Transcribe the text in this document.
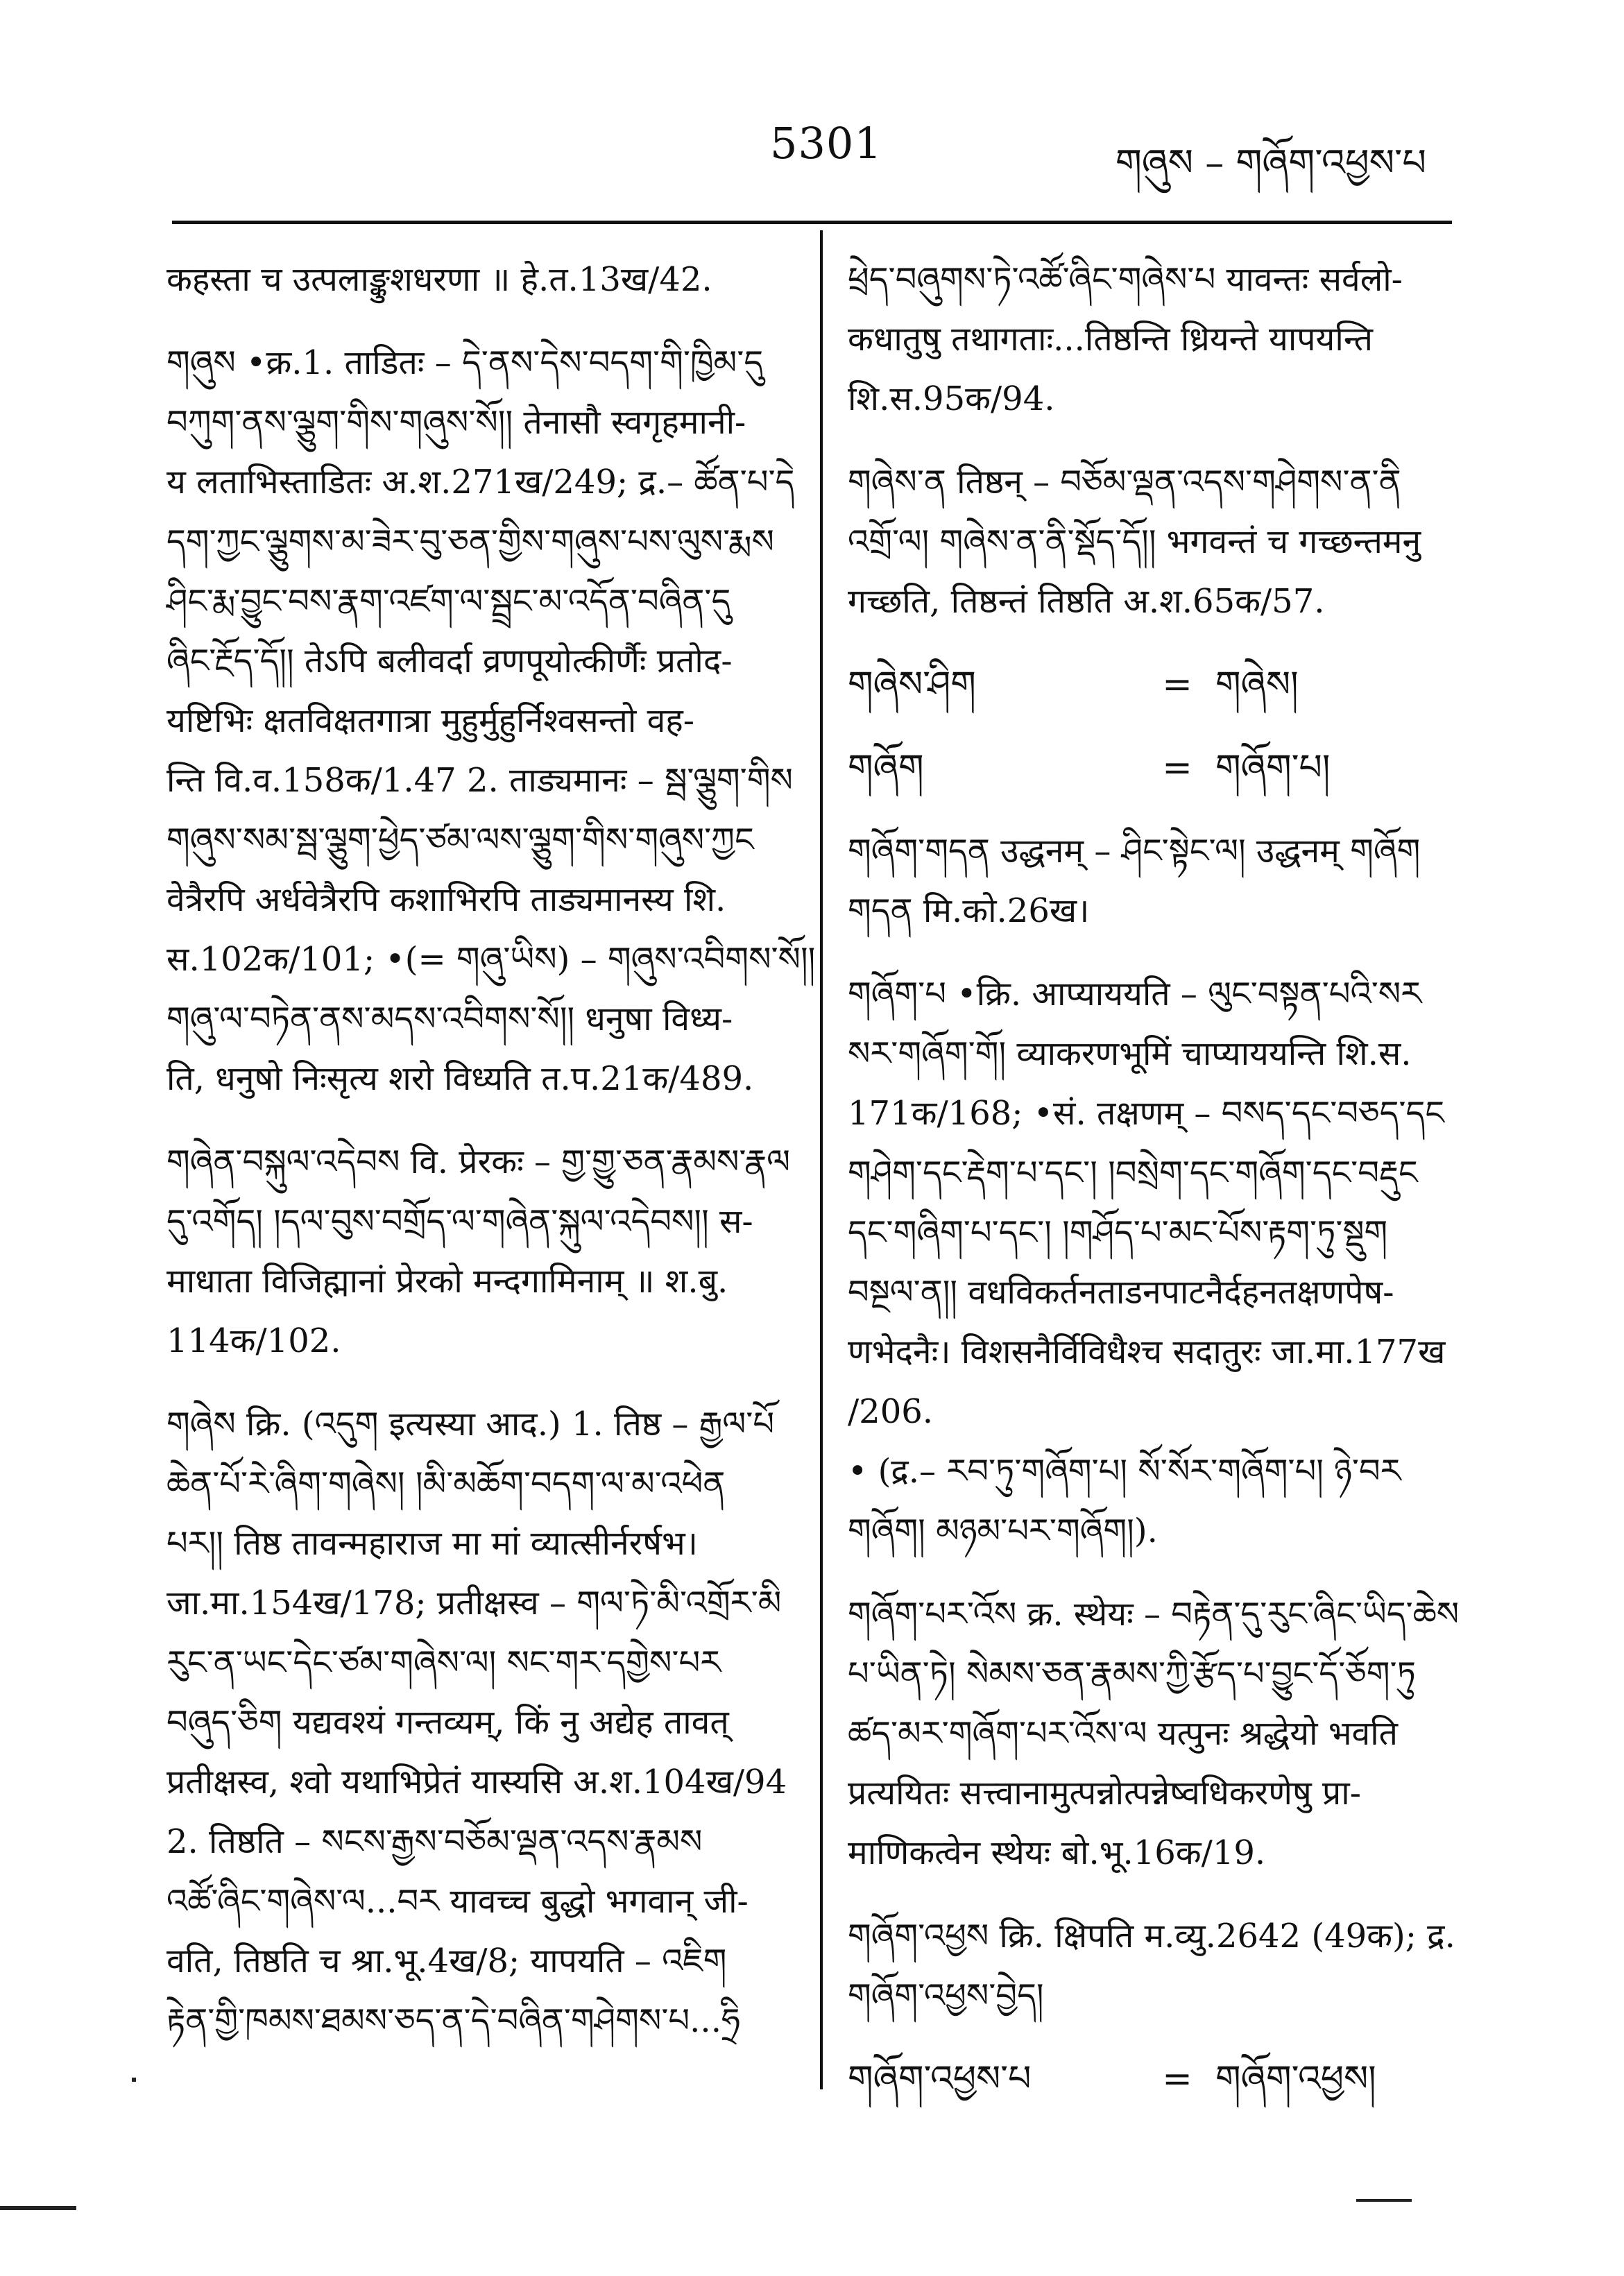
5301	གཞུས – གཞོག་འཕྱས་པ
कहस्ता च उत्पलाङ्कुशधरणा ॥ हे.त.13ख/42.
གཞུས •क्र.1. ताडितः – དེ་ནས་དེས་བདག་གི་ཁྱིམ་དུ
བཀུག་ནས་ལྕུག་གིས་གཞུས་སོ།། तेनासौ स्वगृहमानी-
य लताभिस्ताडितः अ.श.271ख/249; द्र.– ཚོན་པ་དེ
དག་ཀྱང་ལྕུགས་མ་ཟེར་བུ་ཅན་གྱིས་གཞུས་པས་ལུས་རྨས
ཤིང་རྨ་བྱུང་བས་རྣག་འཛག་ལ་སྦྲང་མ་འདོན་བཞིན་དུ
ཞིང་རྔོད་དོ།། तेऽपि बलीवर्दा व्रणपूयोत्कीर्णैः प्रतोद-
यष्टिभिः क्षतविक्षतगात्रा मुहुर्मुहुर्निश्वसन्तो वह-
न्ति वि.व.158क/1.47 2. ताड्यमानः – སྦ་ལྕུག་གིས
གཞུས་སམ་སྦ་ལྕུག་ཕྱེད་ཙམ་ལས་ལྕུག་གིས་གཞུས་ཀྱང
वेत्रैरपि अर्धवेत्रैरपि कशाभिरपि ताड्यमानस्य शि.
स.102क/101; •(= གཞུ་ཡིས) – གཞུས་འབིགས་སོ།།
གཞུ་ལ་བཏེན་ནས་མདས་འབིགས་སོ།། धनुषा विध्य-
ति, धनुषो निःसृत्य शरो विध्यति त.प.21क/489.
གཞེན་བསྐུལ་འདེབས वि. प्रेरकः – གྱ་གྱུ་ཅན་རྣམས་རྣལ
དུ་འགོད། །དལ་བུས་བགྲོད་ལ་གཞེན་སྐུལ་འདེབས།། स-
माधाता विजिह्मानां प्रेरको मन्दगामिनाम् ॥ श.बु.
114क/102.
གཞེས क्रि. (འདུག इत्यस्या आद.) 1. तिष्ठ – རྒྱལ་པོ
ཆེན་པོ་རེ་ཞིག་གཞེས། །མི་མཆོག་བདག་ལ་མ་འཕེན
པར།། तिष्ठ तावन्महाराज मा मां व्यात्सीर्नरर्षभ।
जा.मा.154ख/178; प्रतीक्षस्व – གལ་ཏེ་མི་འགྲོར་མི
རུང་ན་ཡང་དེང་ཙམ་གཞེས་ལ། སང་གར་དགྱེས་པར
བཞུད་ཅིག यद्यवश्यं गन्तव्यम्, किं नु अद्येह तावत्
प्रतीक्षस्व, श्वो यथाभिप्रेतं यास्यसि अ.श.104ख/94
2. तिष्ठति – སངས་རྒྱས་བཅོམ་ལྡན་འདས་རྣམས
འཚོ་ཞིང་གཞེས་ལ...བར यावच्च बुद्धो भगवान् जी-
वति, तिष्ठति च श्रा.भू.4ख/8; यापयति – འཇིག
རྟེན་གྱི་ཁམས་ཐམས་ཅད་ན་དེ་བཞིན་གཤེགས་པ...ཧྲི
ཕྲེད་བཞུགས་ཏེ་འཚོ་ཞིང་གཞེས་པ यावन्तः सर्वलो-
कधातुषु तथागताः...तिष्ठन्ति ध्रियन्ते यापयन्ति
शि.स.95क/94.
གཞེས་ན तिष्ठन् – བཅོམ་ལྡན་འདས་གཤེགས་ན་ནི
འགྲོ་ལ། གཞེས་ན་ནི་སྡོད་དོ།། भगवन्तं च गच्छन्तमनु
गच्छति, तिष्ठन्तं तिष्ठति अ.श.65क/57.
གཞེས་ཤིག	= གཞེས།
གཞོག	= གཞོག་པ།
གཞོག་གདན उद्धनम् – ཤིང་སྟེང་ལ། उद्धनम् གཞོག
གདན मि.को.26ख।
གཞོག་པ •क्रि. आप्याययति – ལུང་བསྟན་པའི་སར
སར་གཞོག་གོ། व्याकरणभूमिं चाप्याययन्ति शि.स.
171क/168; •सं. तक्षणम् – བསད་དང་བཅད་དང
གཤེག་དང་རྡེག་པ་དང་། །བསྲེག་དང་གཞོག་དང་བརྡུང
དང་གཞིག་པ་དང་། །གཤོད་པ་མང་པོས་རྟག་ཏུ་སྡུག
བསྔལ་ན།། वधविकर्तनताडनपाटनैर्दहनतक्षणपेष-
णभेदनैः। विशसनैर्विविधैश्च सदातुरः जा.मा.177ख
/206.
• (द्र.– རབ་ཏུ་གཞོག་པ། སོ་སོར་གཞོག་པ། ཉེ་བར
གཞོག། མཉམ་པར་གཞོག།).
གཞོག་པར་འོས क्र. स्थेयः – བརྟེན་དུ་རུང་ཞིང་ཡིད་ཆེས
པ་ཡིན་ཏེ། སེམས་ཅན་རྣམས་ཀྱི་རྩོད་པ་བྱུང་དོ་ཅོག་ཏུ
ཚད་མར་གཞོག་པར་འོས་ལ यत्पुनः श्रद्धेयो भवति
प्रत्ययितः सत्त्वानामुत्पन्नोत्पन्नेष्वधिकरणेषु प्रा-
माणिकत्वेन स्थेयः बो.भू.16क/19.
གཞོག་འཕྱས क्रि. क्षिपति म.व्यु.2642 (49क); द्र.
གཞོག་འཕྱས་བྱེད།
གཞོག་འཕྱས་པ	= གཞོག་འཕྱས།
